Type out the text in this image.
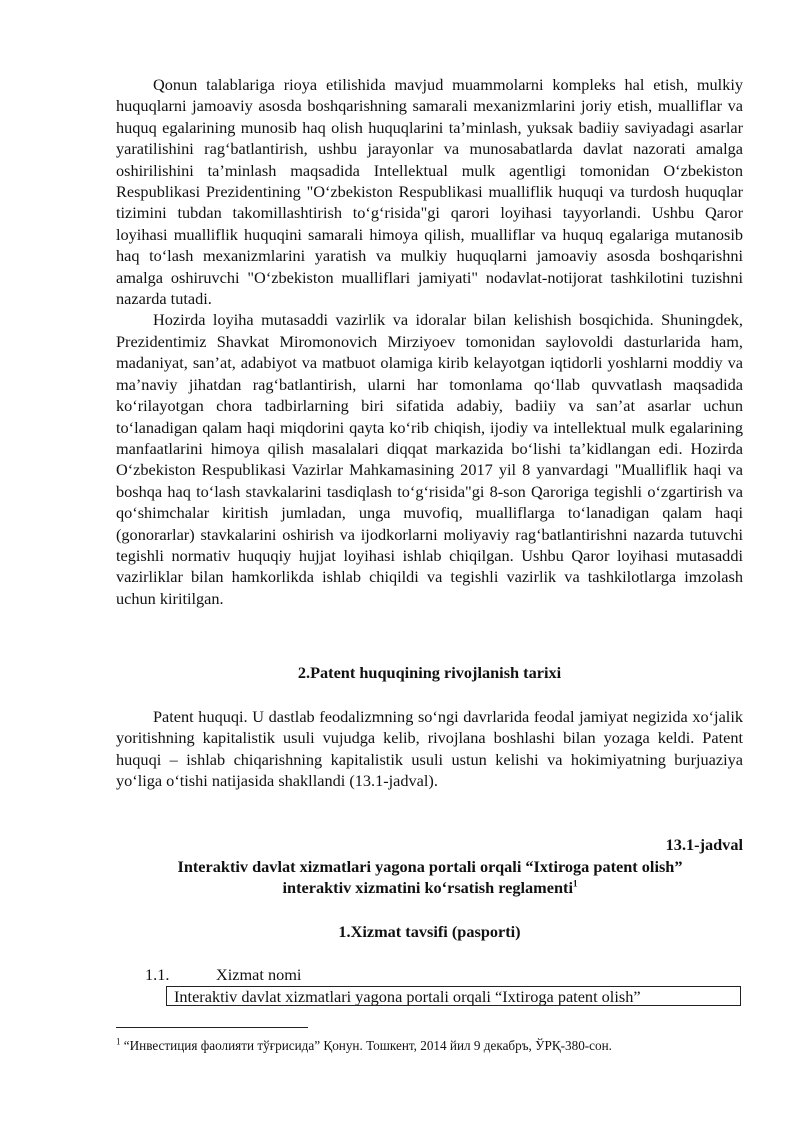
Qonun talablariga rioya etilishida mavjud muammolarni kompleks hal etish, mulkiy huquqlarni jamoaviy asosda boshqarishning samarali mexanizmlarini joriy etish, mualliflar va huquq egalarining munosib haq olish huquqlarini ta’minlash, yuksak badiiy saviyadagi asarlar yaratilishini rag‘batlantirish, ushbu jarayonlar va munosabatlarda davlat nazorati amalga oshirilishini ta’minlash maqsadida Intellektual mulk agentligi tomonidan O‘zbekiston Respublikasi Prezidentining "O‘zbekiston Respublikasi mualliflik huquqi va turdosh huquqlar tizimini tubdan takomillashtirish to‘g‘risida"gi qarori loyihasi tayyorlandi. Ushbu Qaror loyihasi mualliflik huquqini samarali himoya qilish, mualliflar va huquq egalariga mutanosib haq to‘lash mexanizmlarini yaratish va mulkiy huquqlarni jamoaviy asosda boshqarishni amalga oshiruvchi "O‘zbekiston mualliflari jamiyati" nodavlat-notijorat tashkilotini tuzishni nazarda tutadi.

Hozirda loyiha mutasaddi vazirlik va idoralar bilan kelishish bosqichida. Shuningdek, Prezidentimiz Shavkat Miromonovich Mirziyoev tomonidan saylovoldi dasturlarida ham, madaniyat, san’at, adabiyot va matbuot olamiga kirib kelayotgan iqtidorli yoshlarni moddiy va ma’naviy jihatdan rag‘batlantirish, ularni har tomonlama qo‘llab quvvatlash maqsadida ko‘rilayotgan chora tadbirlarning biri sifatida adabiy, badiiy va san’at asarlar uchun to‘lanadigan qalam haqi miqdorini qayta ko‘rib chiqish, ijodiy va intellektual mulk egalarining manfaatlarini himoya qilish masalalari diqqat markazida bo‘lishi ta’kidlangan edi. Hozirda O‘zbekiston Respublikasi Vazirlar Mahkamasining 2017 yil 8 yanvardagi "Mualliflik haqi va boshqa haq to‘lash stavkalarini tasdiqlash to‘g‘risida"gi 8-son Qaroriga tegishli o‘zgartirish va qo‘shimchalar kiritish jumladan, unga muvofiq, mualliflarga to‘lanadigan qalam haqi (gonorarlar) stavkalarini oshirish va ijodkorlarni moliyaviy rag‘batlantirishni nazarda tutuvchi tegishli normativ huquqiy hujjat loyihasi ishlab chiqilgan. Ushbu Qaror loyihasi mutasaddi vazirliklar bilan hamkorlikda ishlab chiqildi va tegishli vazirlik va tashkilotlarga imzolash uchun kiritilgan.

2.Patent huquqining rivojlanish tarixi

Patent huquqi. U dastlab feodalizmning so‘ngi davrlarida feodal jamiyat negizida xo‘jalik yoritishning kapitalistik usuli vujudga kelib, rivojlana boshlashi bilan yozaga keldi. Patent huquqi – ishlab chiqarishning kapitalistik usuli ustun kelishi va hokimiyatning burjuaziya yo‘liga o‘tishi natijasida shakllandi (13.1-jadval).

13.1-jadval
Interaktiv davlat xizmatlari yagona portali orqali “Ixtiroga patent olish”
interaktiv xizmatini ko‘rsatish reglamenti$^1$
1.Xizmat tavsifi (pasporti)
1.1.	Xizmat nomi
Interaktiv davlat xizmatlari yagona portali orqali “Ixtiroga patent olish”
$^1$ “Инвестиция фаолияти тўғрисида” Қонун. Тошкент, 2014 йил 9 декабръ, ЎРҚ-380-сон.
